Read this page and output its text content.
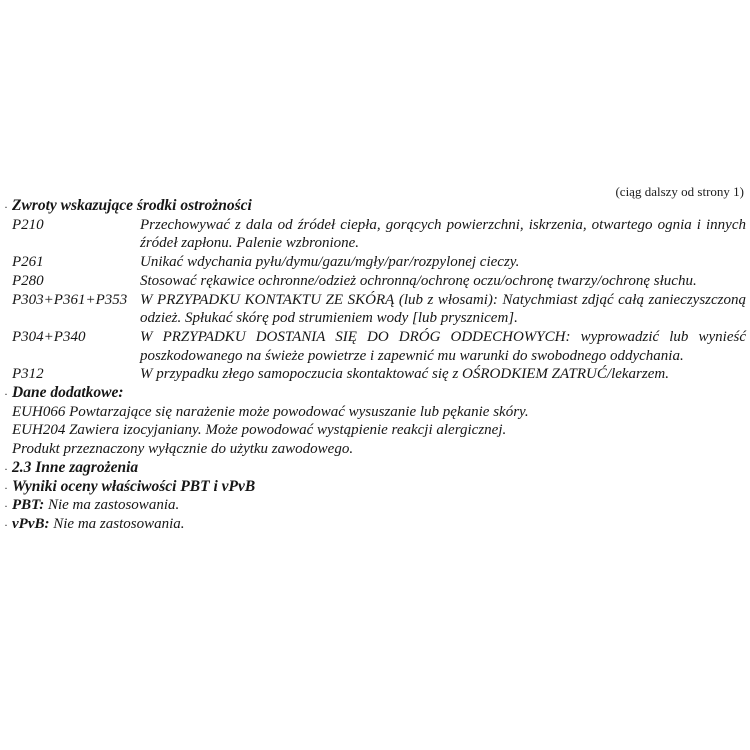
(ciąg dalszy od strony 1)
· Zwroty wskazujące środki ostrożności
P210	Przechowywać z dala od źródeł ciepła, gorących powierzchni, iskrzenia, otwartego ognia i innych źródeł zapłonu. Palenie wzbronione.
P261	Unikać wdychania pyłu/dymu/gazu/mgły/par/rozpylonej cieczy.
P280	Stosować rękawice ochronne/odzież ochronną/ochronę oczu/ochronę twarzy/ochronę słuchu.
P303+P361+P353 W PRZYPADKU KONTAKTU ZE SKÓRĄ (lub z włosami): Natychmiast zdjąć całą zanieczyszczoną odzież. Spłukać skórę pod strumieniem wody [lub prysznicem].
P304+P340	W PRZYPADKU DOSTANIA SIĘ DO DRÓG ODDECHOWYCH: wyprowadzić lub wynieść poszkodowanego na świeże powietrze i zapewnić mu warunki do swobodnego oddychania.
P312	W przypadku złego samopoczucia skontaktować się z OŚRODKIEM ZATRUĆ/lekarzem.
· Dane dodatkowe:
EUH066 Powtarzające się narażenie może powodować wysuszanie lub pękanie skóry.
EUH204 Zawiera izocyjaniany. Może powodować wystąpienie reakcji alergicznej.
Produkt przeznaczony wyłącznie do użytku zawodowego.
· 2.3 Inne zagrożenia
· Wyniki oceny właściwości PBT i vPvB
· PBT: Nie ma zastosowania.
· vPvB: Nie ma zastosowania.
